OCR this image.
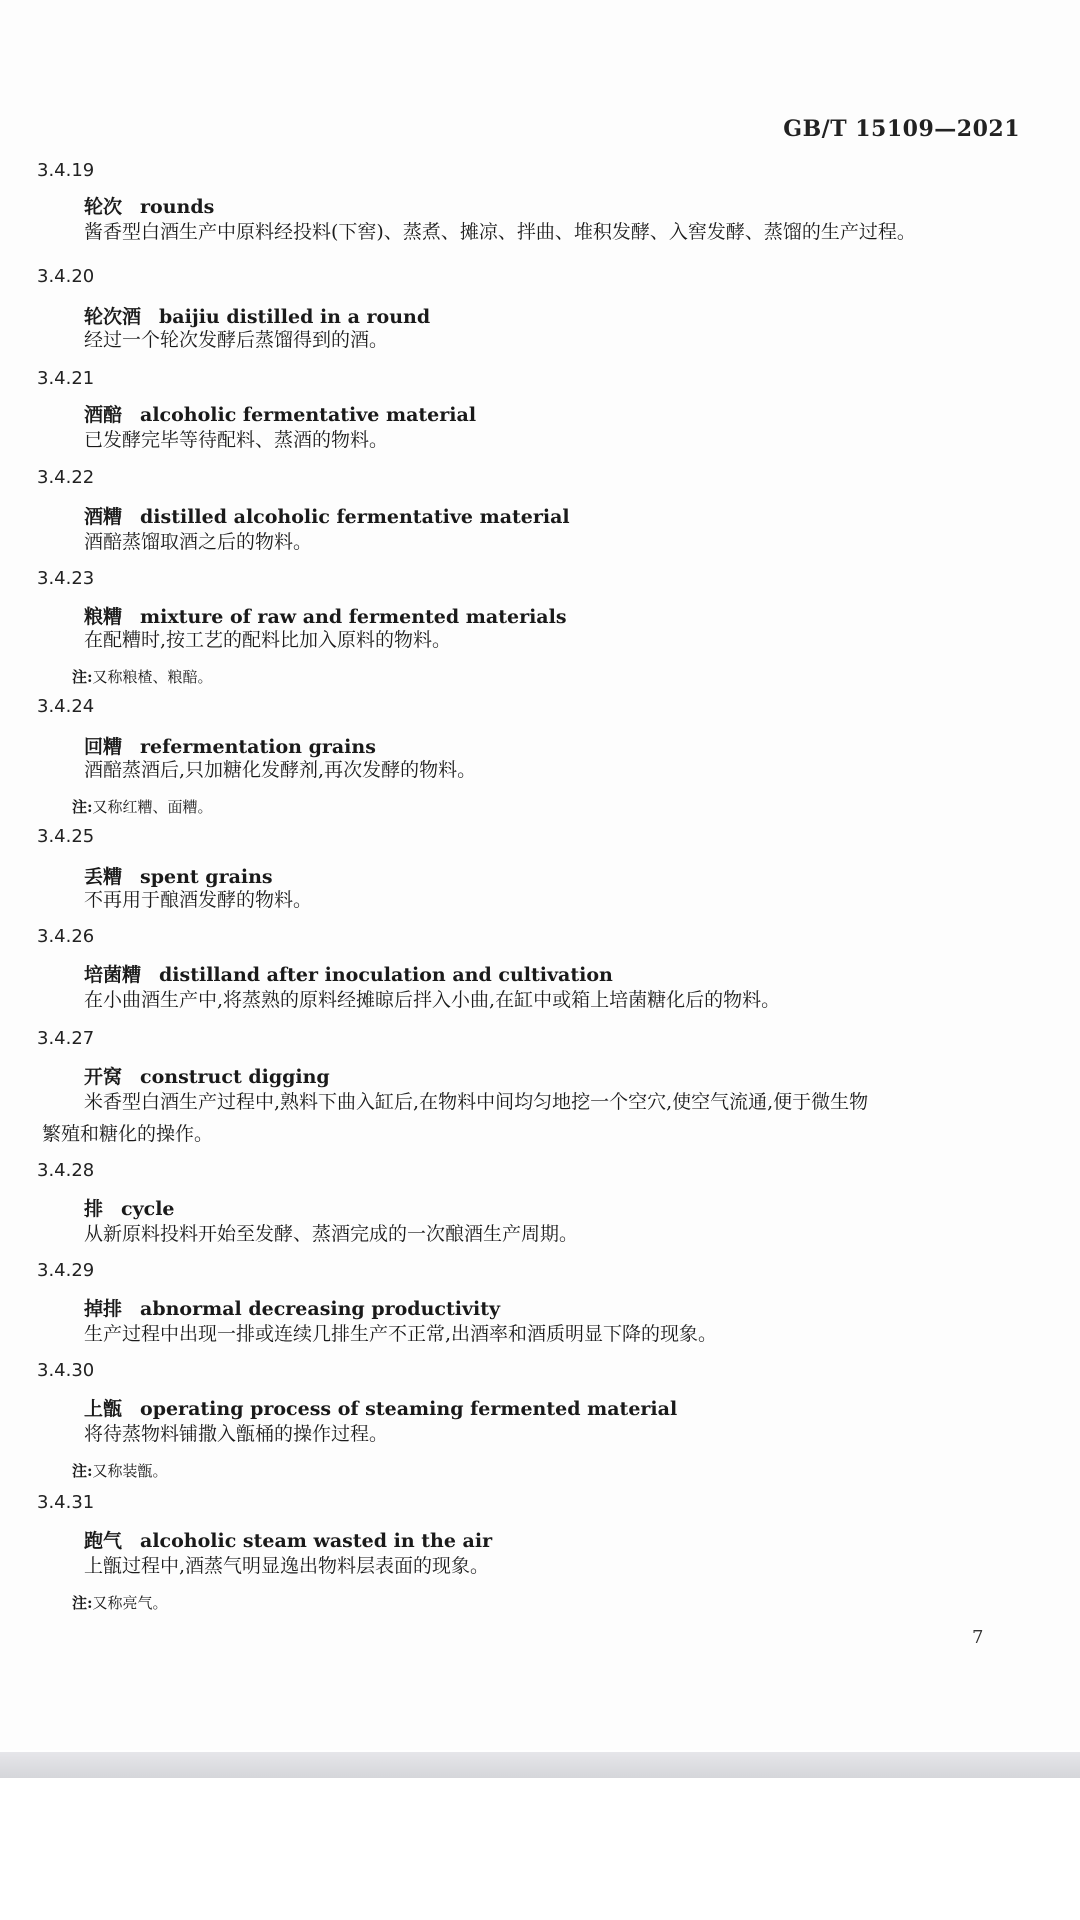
GB/T 15109—2021
3.4.19
轮次 rounds
酱香型白酒生产中原料经投料(下窖)、蒸煮、摊凉、拌曲、堆积发酵、入窖发酵、蒸馏的生产过程。
3.4.20
轮次酒 baijiu distilled in a round
经过一个轮次发酵后蒸馏得到的酒。
3.4.21
酒醅 alcoholic fermentative material
已发酵完毕等待配料、蒸酒的物料。
3.4.22
酒糟 distilled alcoholic fermentative material
酒醅蒸馏取酒之后的物料。
3.4.23
粮糟 mixture of raw and fermented materials
在配糟时,按工艺的配料比加入原料的物料。
注:又称粮楂、粮醅。
3.4.24
回糟 refermentation grains
酒醅蒸酒后,只加糖化发酵剂,再次发酵的物料。
注:又称红糟、面糟。
3.4.25
丢糟 spent grains
不再用于酿酒发酵的物料。
3.4.26
培菌糟 distilland after inoculation and cultivation
在小曲酒生产中,将蒸熟的原料经摊晾后拌入小曲,在缸中或箱上培菌糖化后的物料。
3.4.27
开窝 construct digging
米香型白酒生产过程中,熟料下曲入缸后,在物料中间均匀地挖一个空穴,使空气流通,便于微生物
繁殖和糖化的操作。
3.4.28
排 cycle
从新原料投料开始至发酵、蒸酒完成的一次酿酒生产周期。
3.4.29
掉排 abnormal decreasing productivity
生产过程中出现一排或连续几排生产不正常,出酒率和酒质明显下降的现象。
3.4.30
上甑 operating process of steaming fermented material
将待蒸物料铺撒入甑桶的操作过程。
注:又称装甑。
3.4.31
跑气 alcoholic steam wasted in the air
上甑过程中,酒蒸气明显逸出物料层表面的现象。
注:又称亮气。
7
